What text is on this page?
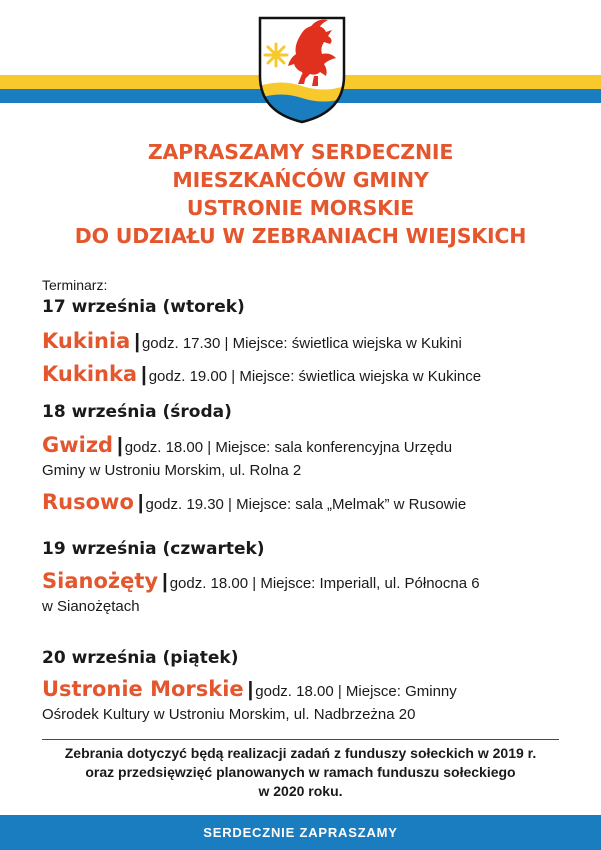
ZAPRASZAMY SERDECZNIE
MIESZKAŃCÓW GMINY
USTRONIE MORSKIE
DO UDZIAŁU W ZEBRANIACH WIEJSKICH
Terminarz:
17 września (wtorek)
Kukinia | godz. 17.30 | Miejsce: świetlica wiejska w Kukini
Kukinka | godz. 19.00 | Miejsce: świetlica wiejska w Kukince
18 września (środa)
Gwizd | godz. 18.00 | Miejsce: sala konferencyjna Urzędu
Gminy w Ustroniu Morskim, ul. Rolna 2
Rusowo | godz. 19.30 | Miejsce: sala „Melmak” w Rusowie
19 września (czwartek)
Sianożęty | godz. 18.00 | Miejsce: Imperiall, ul. Północna 6
w Sianożętach
20 września (piątek)
Ustronie Morskie | godz. 18.00 | Miejsce: Gminny
Ośrodek Kultury w Ustroniu Morskim, ul. Nadbrzeżna 20
Zebrania dotyczyć będą realizacji zadań z funduszy sołeckich w 2019 r.
oraz przedsięwzięć planowanych w ramach funduszu sołeckiego
w 2020 roku.
SERDECZNIE ZAPRASZAMY
